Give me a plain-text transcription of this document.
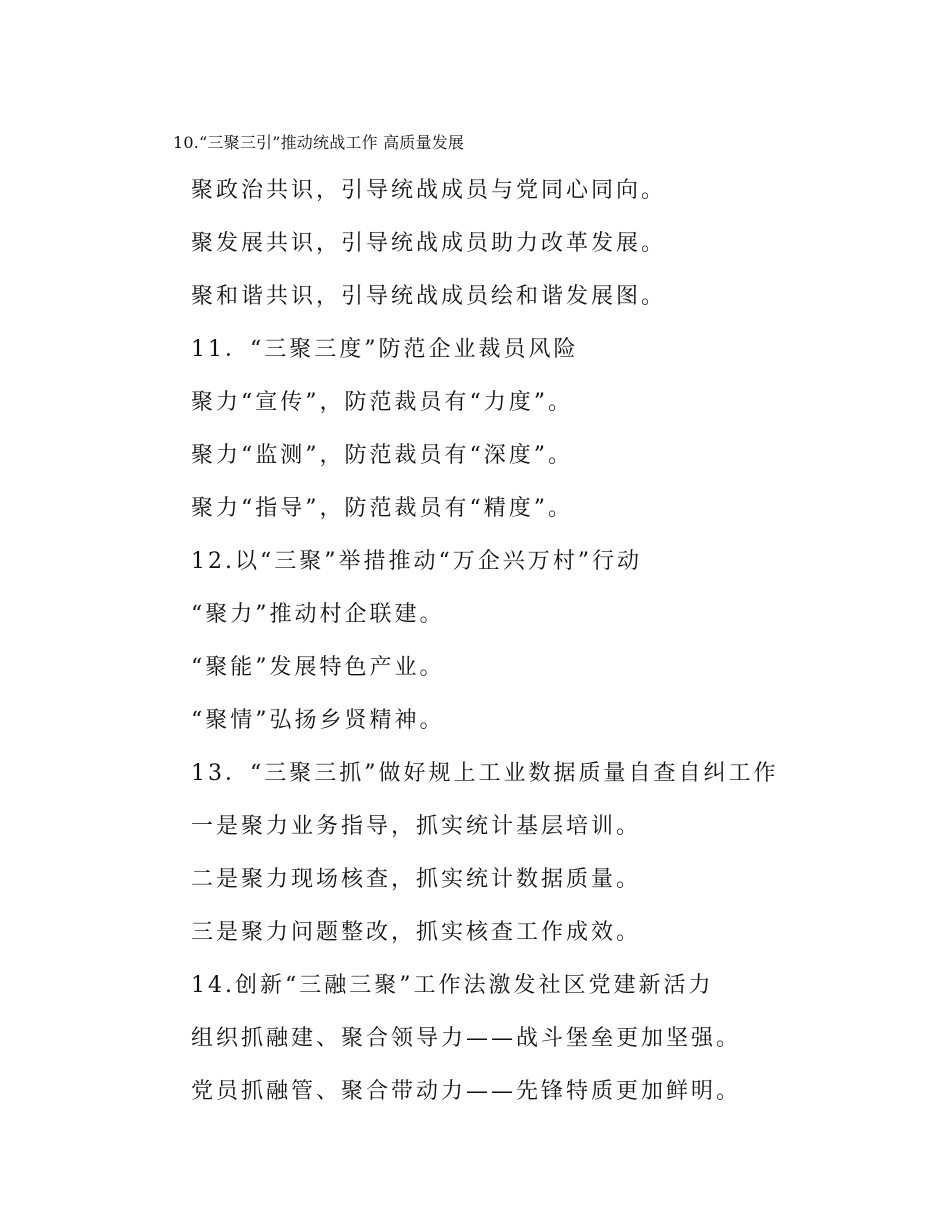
10.“三聚三引”推动统战工作 高质量发展
聚政治共识，引导统战成员与党同心同向。
聚发展共识，引导统战成员助力改革发展。
聚和谐共识，引导统战成员绘和谐发展图。
11．“三聚三度”防范企业裁员风险
聚力“宣传”，防范裁员有“力度”。
聚力“监测”，防范裁员有“深度”。
聚力“指导”，防范裁员有“精度”。
12.以“三聚”举措推动“万企兴万村”行动
“聚力”推动村企联建。
“聚能”发展特色产业。
“聚情”弘扬乡贤精神。
13．“三聚三抓”做好规上工业数据质量自查自纠工作
一是聚力业务指导，抓实统计基层培训。
二是聚力现场核查，抓实统计数据质量。
三是聚力问题整改，抓实核查工作成效。
14.创新“三融三聚”工作法激发社区党建新活力
组织抓融建、聚合领导力——战斗堡垒更加坚强。
党员抓融管、聚合带动力——先锋特质更加鲜明。
